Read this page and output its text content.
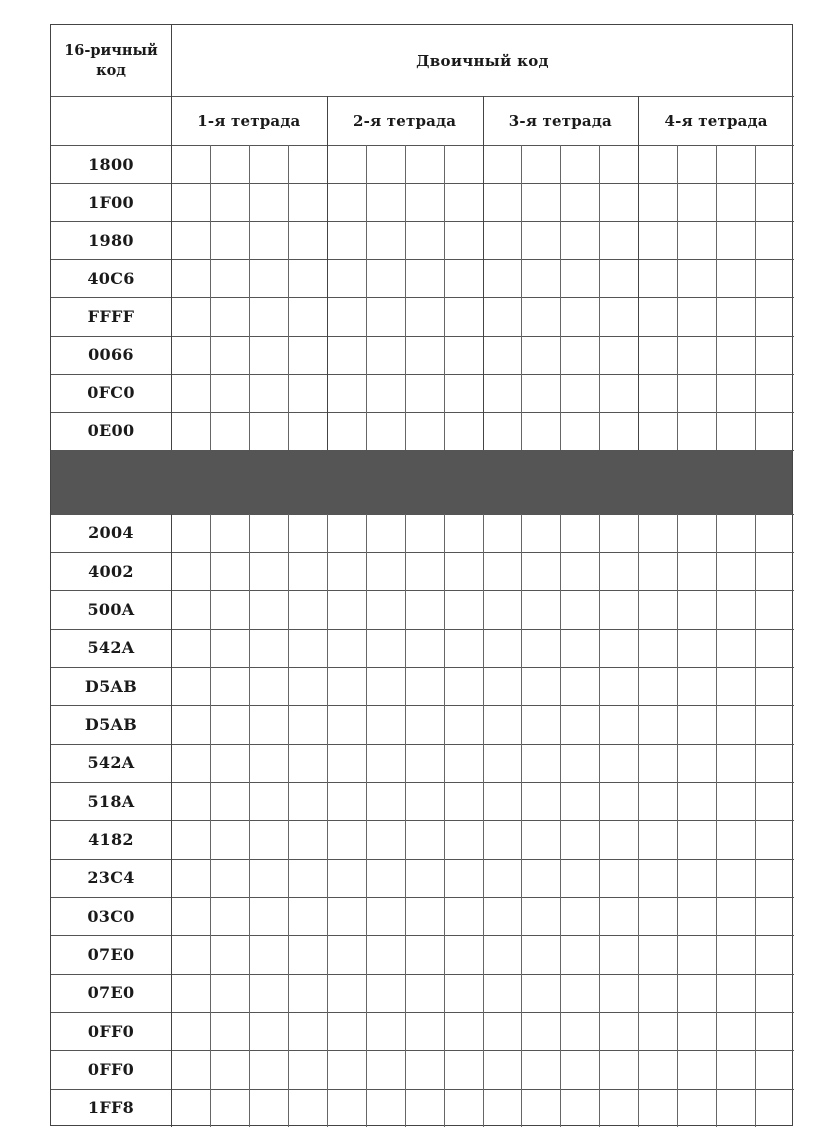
16-ричный код
Двоичный код
1-я тетрада	2-я тетрада	3-я тетрада	4-я тетрада
1800
1F00
1980
40C6
FFFF
0066
0FC0
0E00
2004
4002
500A
542A
D5AB
D5AB
542A
518A
4182
23C4
03C0
07E0
07E0
0FF0
0FF0
1FF8
